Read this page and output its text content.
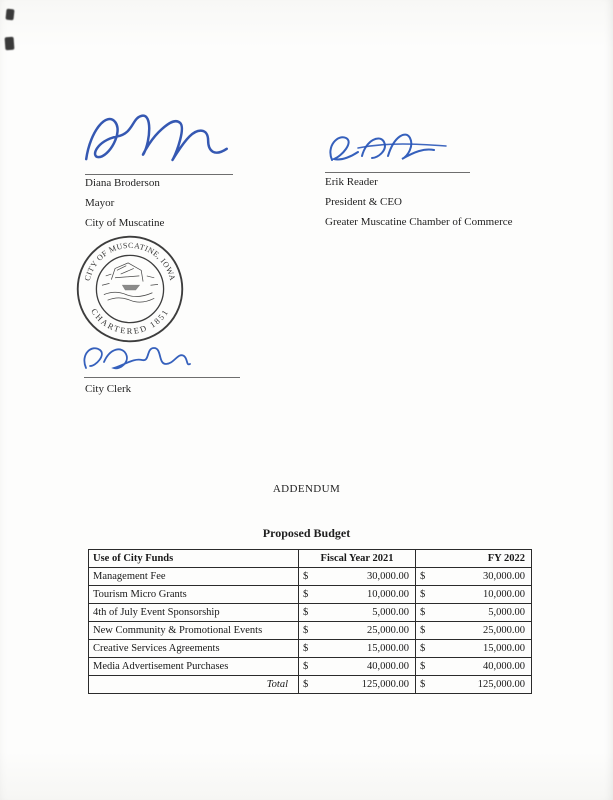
Diana Broderson
Mayor
City of Muscatine
Erik Reader
President & CEO
Greater Muscatine Chamber of Commerce
CITY OF MUSCATINE, IOWA
CHARTERED 1851
City Clerk
ADDENDUM
Proposed Budget
Use of City Funds	Fiscal Year 2021	FY 2022
Management Fee	$ 30,000.00	$ 30,000.00

Tourism Micro Grants	$ 10,000.00	$ 10,000.00

4th of July Event Sponsorship	$ 5,000.00	$ 5,000.00

New Community & Promotional Events	$ 25,000.00	$ 25,000.00

Creative Services Agreements	$ 15,000.00	$ 15,000.00

Media Advertisement Purchases	$ 40,000.00	$ 40,000.00

Total	$ 125,000.00	$ 125,000.00
